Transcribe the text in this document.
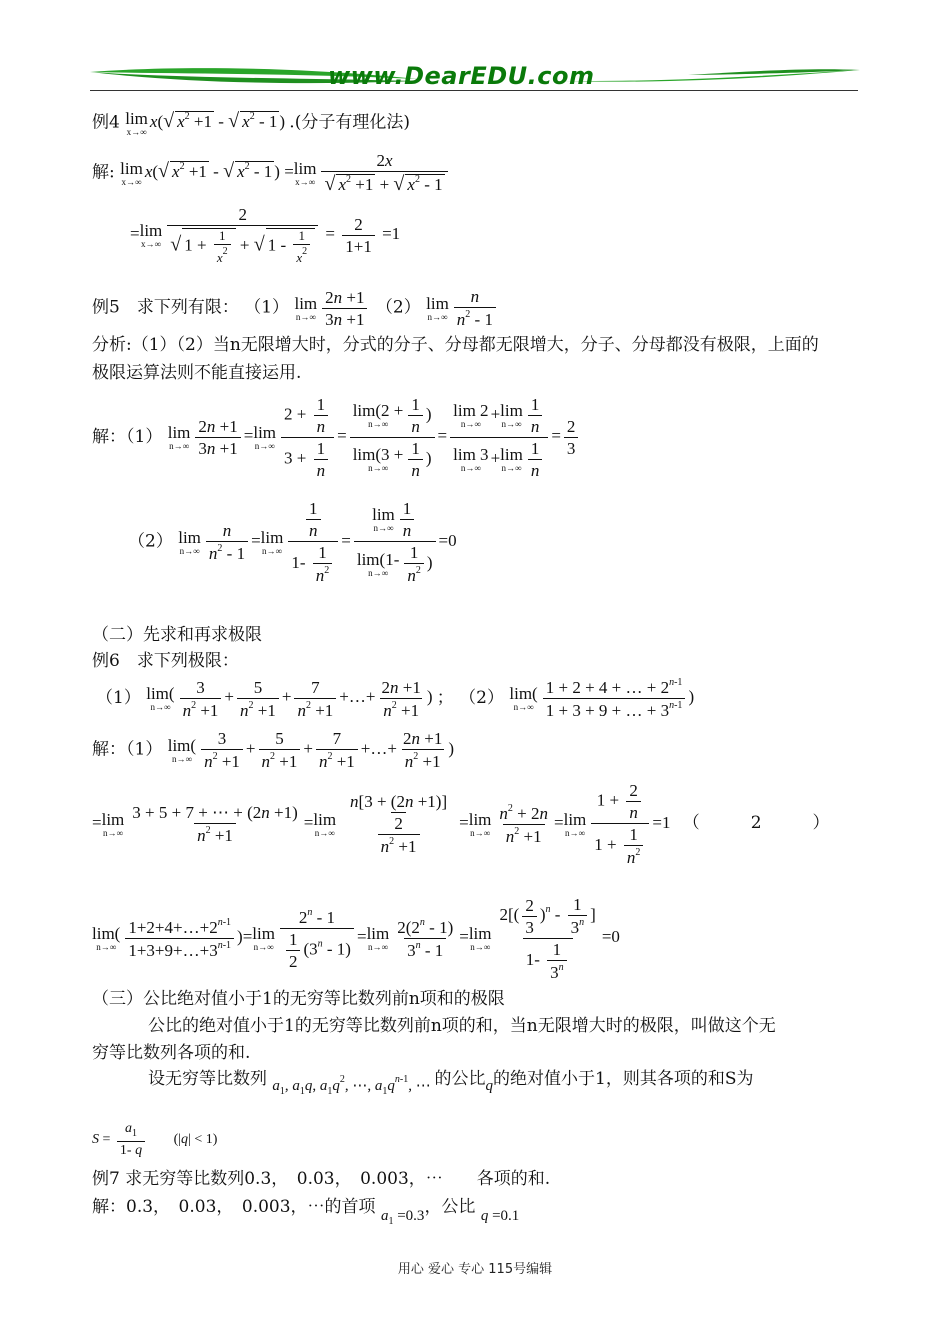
www.DearEDU.com
例4 lim
x→∞
x(√ $x^2 +1$ - √ $x^2 - 1$ ) .(分子有理化法)
解: lim
x→∞
x(√ $x^2 +1$ - √ $x^2 - 1$ ) = lim
$x\to\infty \frac{2x}{√ x^2 +1 + √ x^2 - 1}$
= lim
$x\to\infty \frac{2}{√ 1 + \frac{1}{x^2} + √ 1 - \frac{1}{x^2}} = \frac{2}{1+1} =1$
例5　求下列有限： （1） lim
$n\to\infty \frac{2n +1}{3n +1} (2)$ lim
$n\to\infty \frac{n}{n^2 - 1}$
分析:（1）（2）当n无限增大时，分式的分子、分母都无限增大，分子、分母都没有极限，上面的
极限运算法则不能直接运用.
解：（1） lim
$n\to\infty \frac{2n +1}{3n +1} = \lim$
$n\to\infty \frac{2 + \frac{1}{n}}{3 + \frac{1}{n}} = \lim(2$ +
$n\to\infty \frac{1}{n}$ )
lim(3 +
$n\to\infty \frac{1}{n}$ ) = lim 2
n→∞
+ lim
$n\to\infty \frac{1}{n}$
lim 3
n→∞
+ lim
$n\to\infty \frac{1}{n} = \frac{2}{3}$
（2） lim
$n\to\infty \frac{n}{n^2 - 1} = \lim$
$n\to\infty \frac{\frac{1}{n}}{1- \frac{1}{n^2}} = \lim$
$n\to\infty \frac{1}{n}$
lim(1-
$n\to\infty \frac{1}{n^2}$ ) =0
（二）先求和再求极限
例6　求下列极限：
（1） lim(
$n\to\infty \frac{3}{n^2 +1} + \frac{5}{n^2 +1} + \frac{7}{n^2 +1}$ +…+ $\frac{2n +1}{n^2 +1}$ ) ； （2） lim(
$n\to\infty \frac{1 + 2 + 4 + \dots + 2^{n-1}}{1 + 3 + 9 + \dots + 3^{n-1}}$ )
解：（1） lim(
$n\to\infty \frac{3}{n^2 +1} + \frac{5}{n^2 +1} + \frac{7}{n^2 +1}$ +…+ $\frac{2n +1}{n^2 +1}$ )
= lim
$n\to\infty \frac{3 + 5 + 7 + \cdots + (2n +1)}{n^2 +1} = \lim$
$n\to\infty \frac{\frac{n[3 + (2n +1)]}{2}}{n^2 +1} = \lim$
$n\to\infty \frac{n^2 + 2n}{n^2 +1} = \lim$
$n\to\infty \frac{1 + \frac{2}{n}}{1 + \frac{1}{n^2}} =1$ （　　　2　　　）
lim(
$n\to\infty \frac{1+2+4+\dots+2^{n-1}}{1+3+9+\dots+3^{n-1}}$ )= lim
$n\to\infty \frac{2^n - 1}{\frac{1}{2} (3^n - 1)} = \lim$
$n\to\infty \frac{2(2^n - 1)}{3^n - 1} = \lim$
$n\to\infty \frac{2[( \frac{2}{3} )^n - \frac{1}{3^n} ]}{1- \frac{1}{3^n}} =0$
（三）公比绝对值小于1的无穷等比数列前n项和的极限
公比的绝对值小于1的无穷等比数列前n项的和，当n无限增大时的极限，叫做这个无
穷等比数列各项的和.
设无穷等比数列 $a_1$, $a_1q$, $a_1q^2$, ⋯, $a_1q^{n-1}$, ⋯ 的公比q的绝对值小于1，则其各项的和S为
$S = \frac{a_1}{1- q} (|q| < 1)$
例7 求无穷等比数列0.3，　0.03，　0.003，⋯　　各项的和.
解：0.3，　0.03，　0.003，⋯的首项 $a_1 =0.3$，公比 q =0.1
用心 爱心 专心 115号编辑
